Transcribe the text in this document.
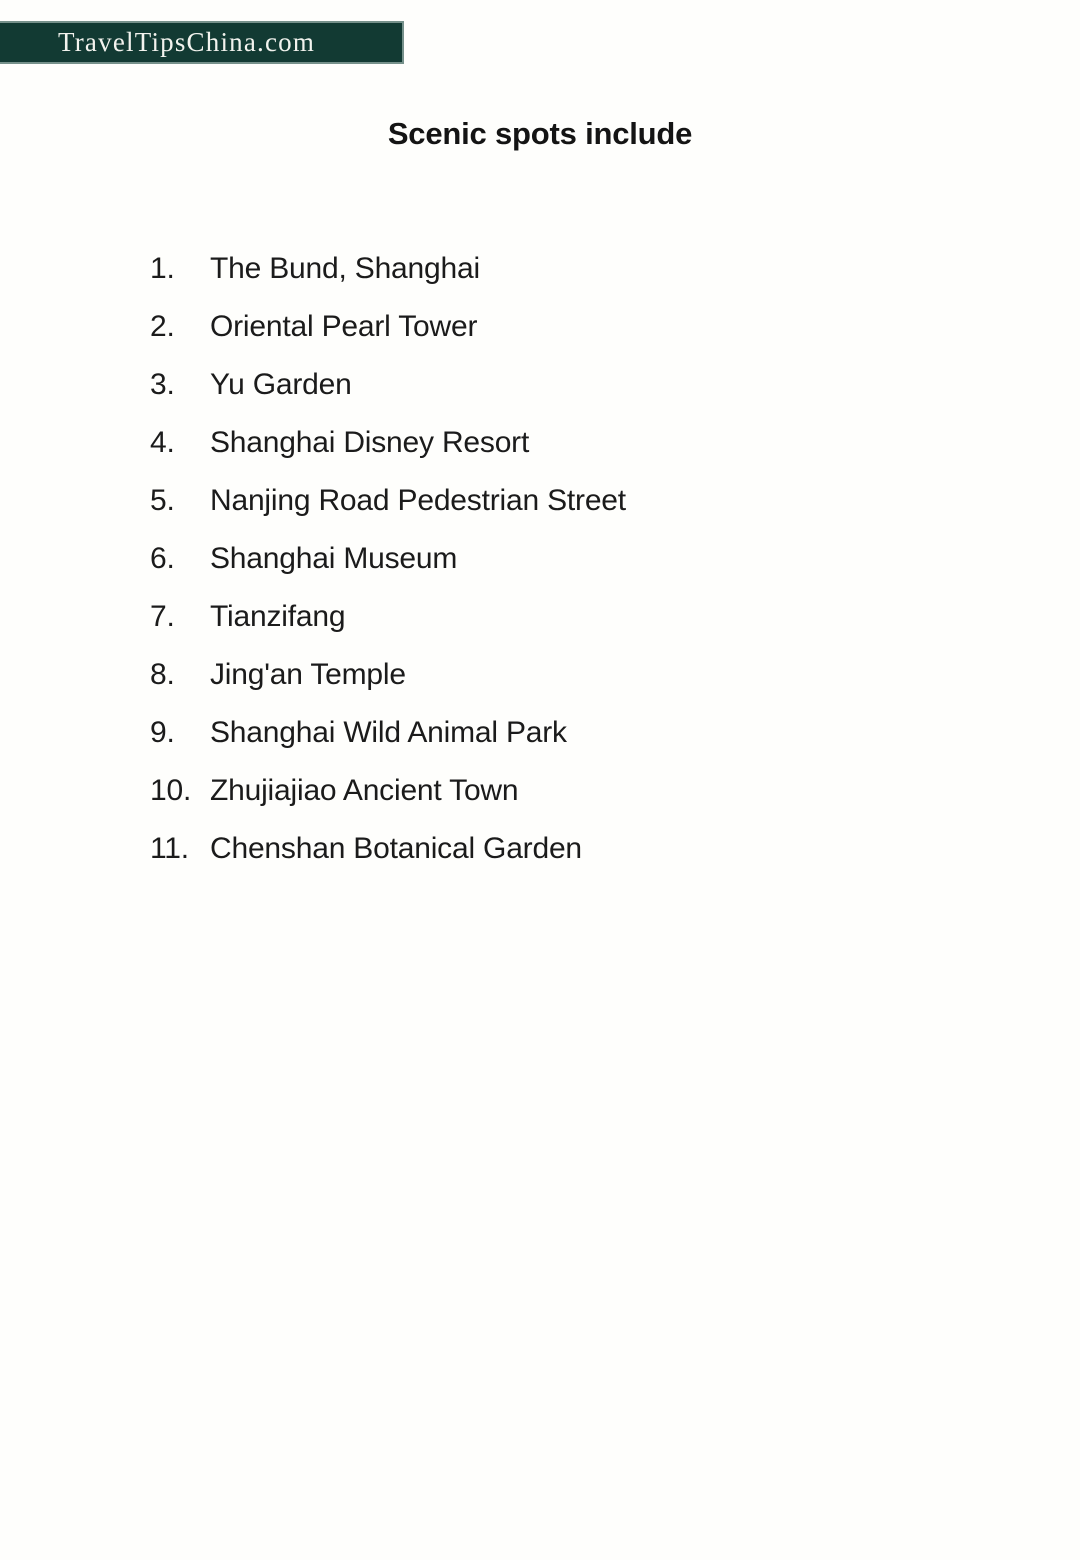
TravelTipsChina.com
Scenic spots include
1.	The Bund, Shanghai
2.	Oriental Pearl Tower
3.	Yu Garden
4.	Shanghai Disney Resort
5.	Nanjing Road Pedestrian Street
6.	Shanghai Museum
7.	Tianzifang
8.	Jing'an Temple
9.	Shanghai Wild Animal Park
10. Zhujiajiao Ancient Town
11. Chenshan Botanical Garden
